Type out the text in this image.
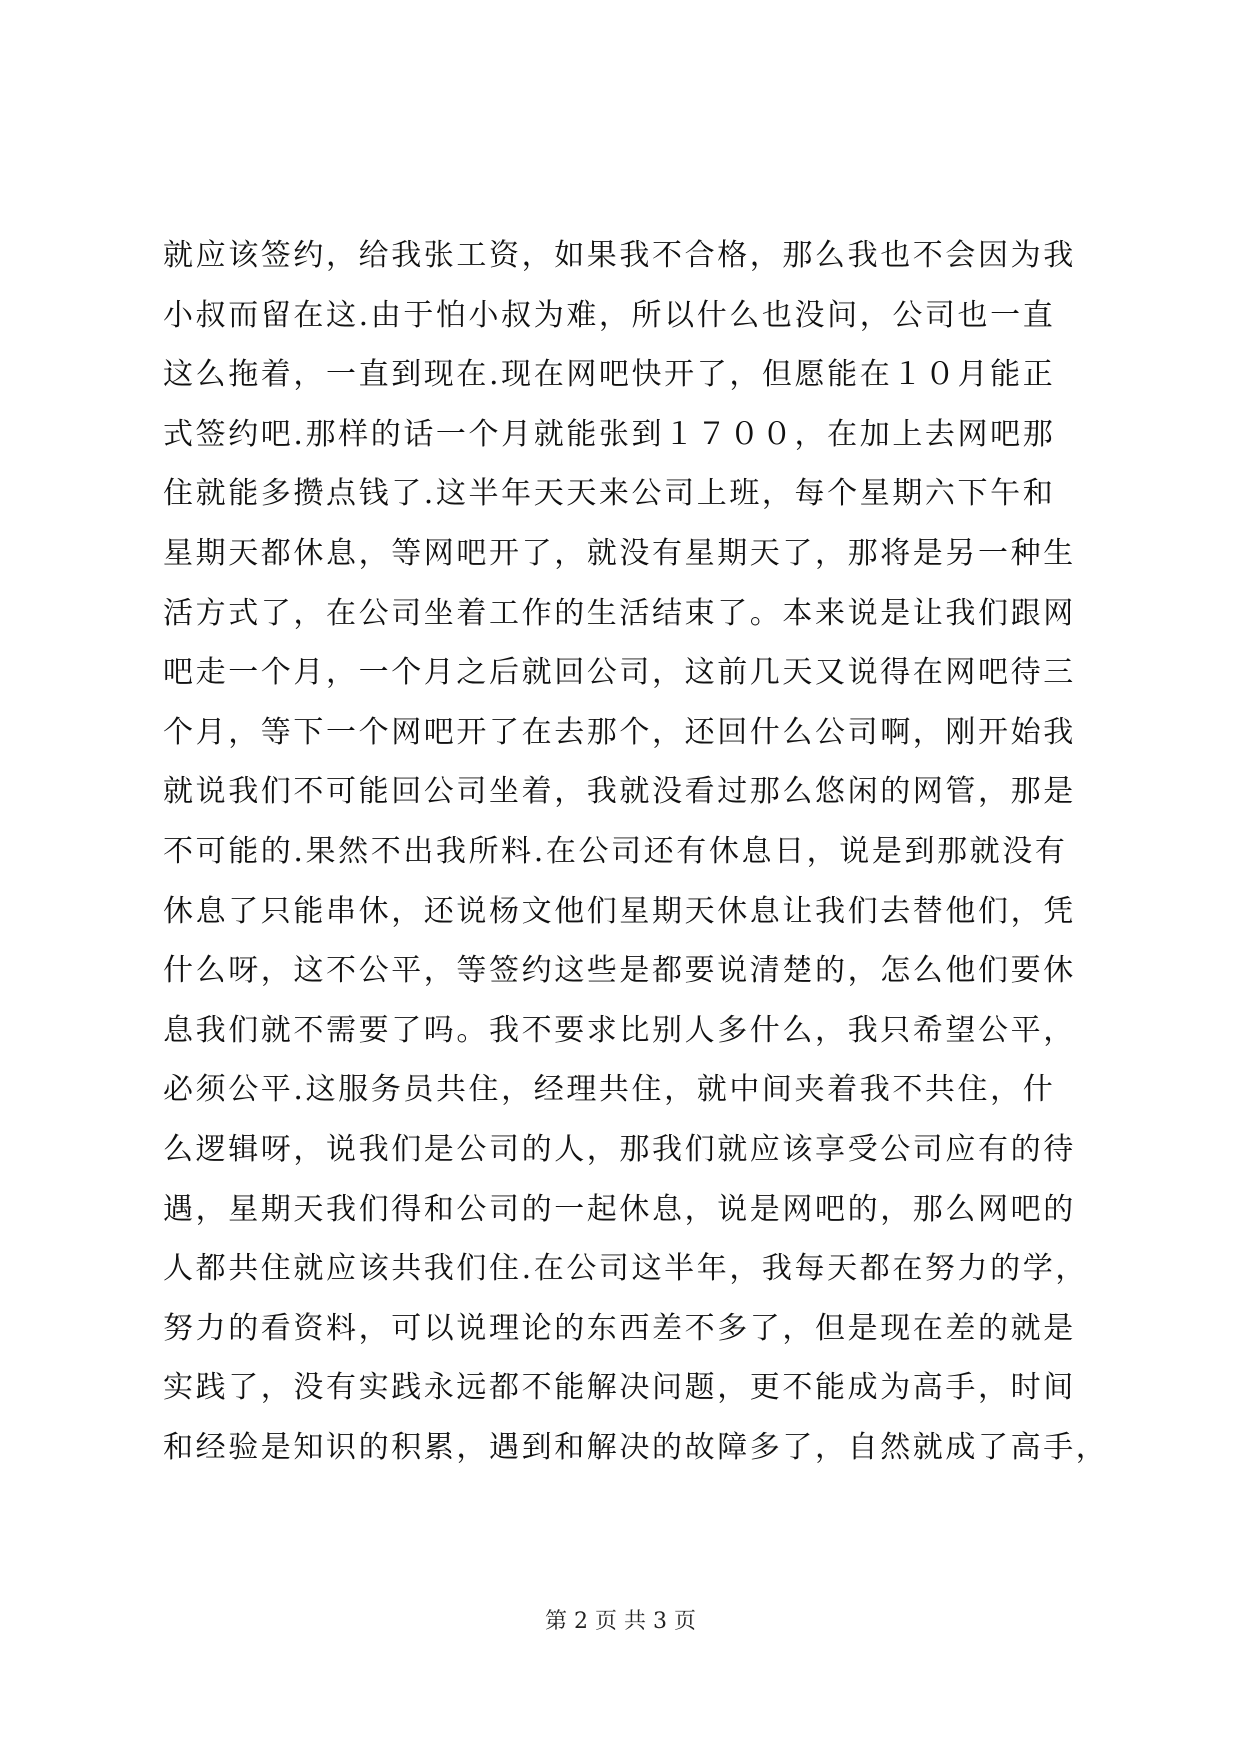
就应该签约，给我张工资，如果我不合格，那么我也不会因为我
小叔而留在这.由于怕小叔为难，所以什么也没问，公司也一直
这么拖着，一直到现在.现在网吧快开了，但愿能在１０月能正
式签约吧.那样的话一个月就能张到１７００，在加上去网吧那
住就能多攒点钱了.这半年天天来公司上班，每个星期六下午和
星期天都休息，等网吧开了，就没有星期天了，那将是另一种生
活方式了，在公司坐着工作的生活结束了。本来说是让我们跟网
吧走一个月，一个月之后就回公司，这前几天又说得在网吧待三
个月，等下一个网吧开了在去那个，还回什么公司啊，刚开始我
就说我们不可能回公司坐着，我就没看过那么悠闲的网管，那是
不可能的.果然不出我所料.在公司还有休息日，说是到那就没有
休息了只能串休，还说杨文他们星期天休息让我们去替他们，凭
什么呀，这不公平，等签约这些是都要说清楚的，怎么他们要休
息我们就不需要了吗。我不要求比别人多什么，我只希望公平，
必须公平.这服务员共住，经理共住，就中间夹着我不共住，什
么逻辑呀，说我们是公司的人，那我们就应该享受公司应有的待
遇，星期天我们得和公司的一起休息，说是网吧的，那么网吧的
人都共住就应该共我们住.在公司这半年，我每天都在努力的学，
努力的看资料，可以说理论的东西差不多了，但是现在差的就是
实践了，没有实践永远都不能解决问题，更不能成为高手，时间
和经验是知识的积累，遇到和解决的故障多了，自然就成了高手，
第 2 页 共 3 页
